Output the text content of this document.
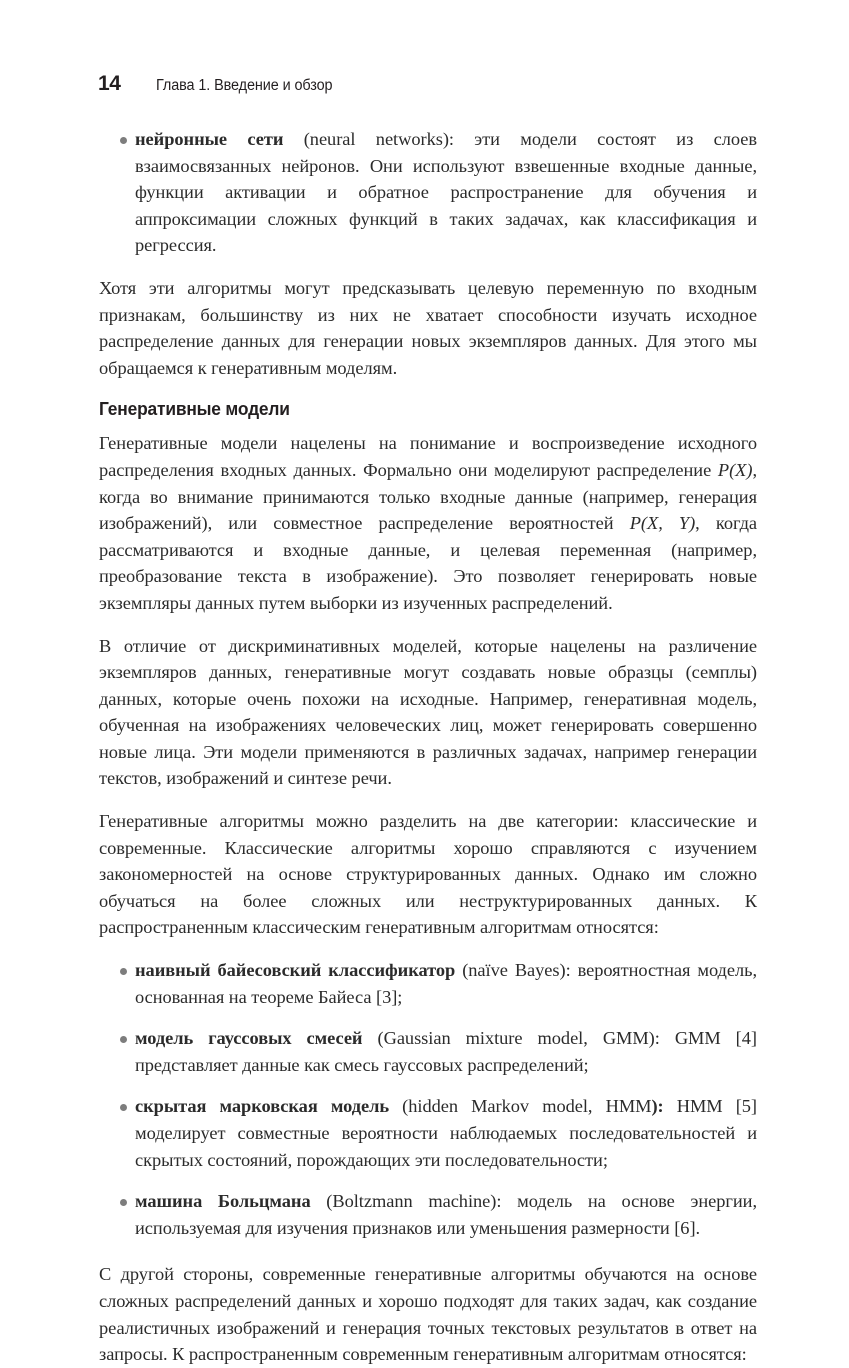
14	Глава 1. Введение и обзор
нейронные сети (neural networks): эти модели состоят из слоев взаимосвязанных нейронов. Они используют взвешенные входные данные, функции активации и обратное распространение для обучения и аппроксимации сложных функций в таких задачах, как классификация и регрессия.

Хотя эти алгоритмы могут предсказывать целевую переменную по входным признакам, большинству из них не хватает способности изучать исходное распределение данных для генерации новых экземпляров данных. Для этого мы обращаемся к генеративным моделям.

Генеративные модели

Генеративные модели нацелены на понимание и воспроизведение исходного распределения входных данных. Формально они моделируют распределение P(X), когда во внимание принимаются только входные данные (например, генерация изображений), или совместное распределение вероятностей P(X, Y), когда рассматриваются и входные данные, и целевая переменная (например, преобразование текста в изображение). Это позволяет генерировать новые экземпляры данных путем выборки из изученных распределений.

В отличие от дискриминативных моделей, которые нацелены на различение экземпляров данных, генеративные могут создавать новые образцы (семплы) данных, которые очень похожи на исходные. Например, генеративная модель, обученная на изображениях человеческих лиц, может генерировать совершенно новые лица. Эти модели применяются в различных задачах, например генерации текстов, изображений и синтезе речи.

Генеративные алгоритмы можно разделить на две категории: классические и современные. Классические алгоритмы хорошо справляются с изучением закономерностей на основе структурированных данных. Однако им сложно обучаться на более сложных или неструктурированных данных. К распространенным классическим генеративным алгоритмам относятся:

наивный байесовский классификатор (naïve Bayes): вероятностная модель, основанная на теореме Байеса [3];
модель гауссовых смесей (Gaussian mixture model, GMM): GMM [4] представляет данные как смесь гауссовых распределений;
скрытая марковская модель (hidden Markov model, HMM): HMM [5] моделирует совместные вероятности наблюдаемых последовательностей и скрытых состояний, порождающих эти последовательности;
машина Больцмана (Boltzmann machine): модель на основе энергии, используемая для изучения признаков или уменьшения размерности [6].

С другой стороны, современные генеративные алгоритмы обучаются на основе сложных распределений данных и хорошо подходят для таких задач, как создание реалистичных изображений и генерация точных текстовых результатов в ответ на запросы. К распространенным современным генеративным алгоритмам относятся:
